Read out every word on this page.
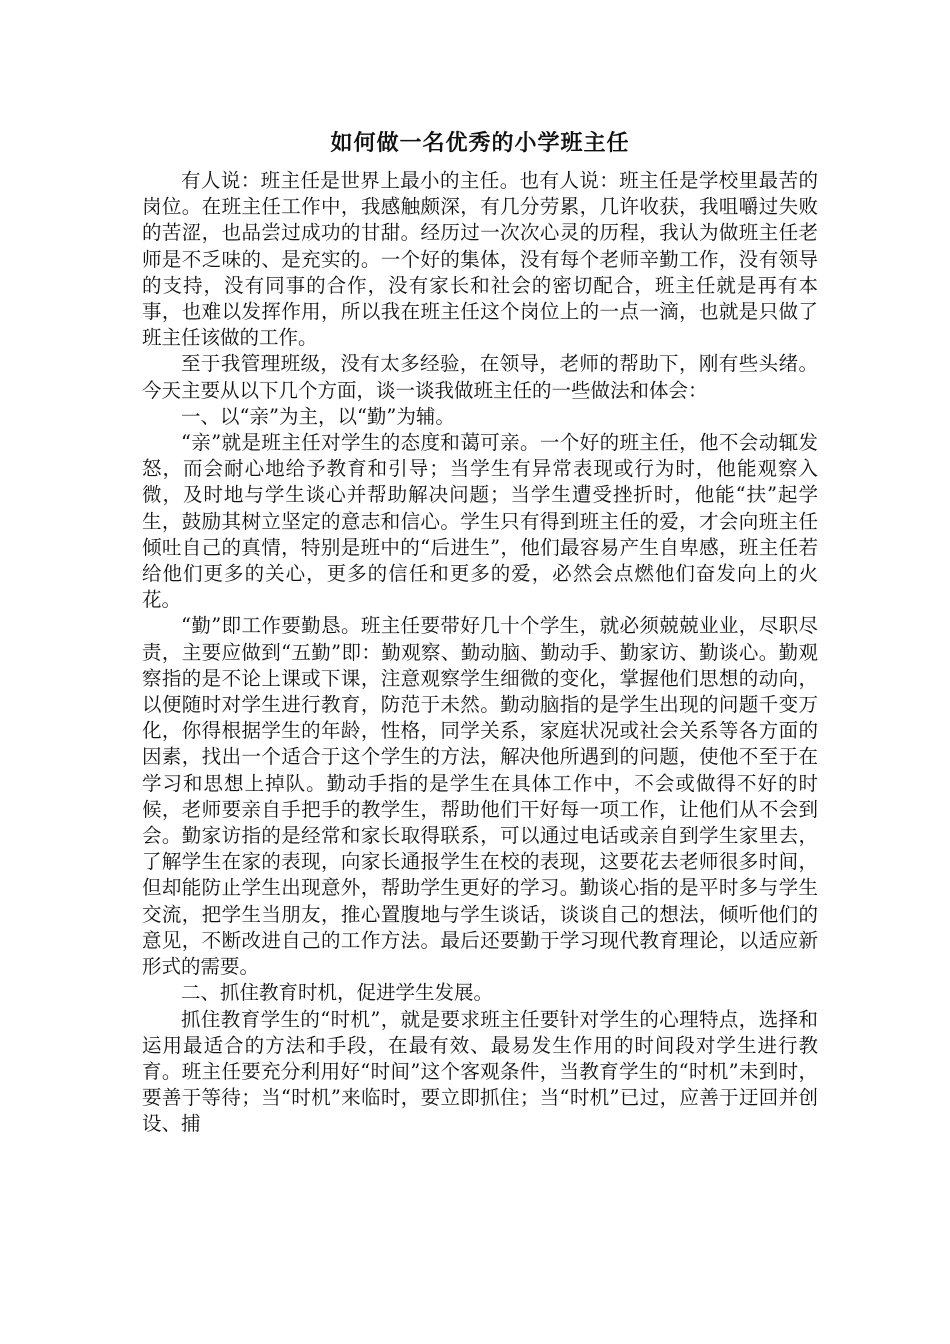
如何做一名优秀的小学班主任

有人说：班主任是世界上最小的主任。也有人说：班主任是学校里最苦的岗位。在班主任工作中，我感触颇深，有几分劳累，几许收获，我咀嚼过失败的苦涩，也品尝过成功的甘甜。经历过一次次心灵的历程，我认为做班主任老师是不乏味的、是充实的。一个好的集体，没有每个老师辛勤工作，没有领导的支持，没有同事的合作，没有家长和社会的密切配合，班主任就是再有本事，也难以发挥作用，所以我在班主任这个岗位上的一点一滴，也就是只做了班主任该做的工作。

至于我管理班级，没有太多经验，在领导，老师的帮助下，刚有些头绪。今天主要从以下几个方面，谈一谈我做班主任的一些做法和体会：

一、以“亲”为主，以“勤”为辅。

“亲”就是班主任对学生的态度和蔼可亲。一个好的班主任，他不会动辄发怒，而会耐心地给予教育和引导；当学生有异常表现或行为时，他能观察入微，及时地与学生谈心并帮助解决问题；当学生遭受挫折时，他能“扶”起学生，鼓励其树立坚定的意志和信心。学生只有得到班主任的爱，才会向班主任倾吐自己的真情，特别是班中的“后进生”，他们最容易产生自卑感，班主任若给他们更多的关心，更多的信任和更多的爱，必然会点燃他们奋发向上的火花。

“勤”即工作要勤恳。班主任要带好几十个学生，就必须兢兢业业，尽职尽责，主要应做到“五勤”即：勤观察、勤动脑、勤动手、勤家访、勤谈心。勤观察指的是不论上课或下课，注意观察学生细微的变化，掌握他们思想的动向，以便随时对学生进行教育，防范于未然。勤动脑指的是学生出现的问题千变万化，你得根据学生的年龄，性格，同学关系，家庭状况或社会关系等各方面的因素，找出一个适合于这个学生的方法，解决他所遇到的问题，使他不至于在学习和思想上掉队。勤动手指的是学生在具体工作中，不会或做得不好的时候，老师要亲自手把手的教学生，帮助他们干好每一项工作，让他们从不会到会。勤家访指的是经常和家长取得联系，可以通过电话或亲自到学生家里去，了解学生在家的表现，向家长通报学生在校的表现，这要花去老师很多时间，但却能防止学生出现意外，帮助学生更好的学习。勤谈心指的是平时多与学生交流，把学生当朋友，推心置腹地与学生谈话，谈谈自己的想法，倾听他们的意见，不断改进自己的工作方法。最后还要勤于学习现代教育理论，以适应新形式的需要。

二、抓住教育时机，促进学生发展。

抓住教育学生的“时机”，就是要求班主任要针对学生的心理特点，选择和运用最适合的方法和手段，在最有效、最易发生作用的时间段对学生进行教育。班主任要充分利用好“时间”这个客观条件，当教育学生的“时机”未到时，要善于等待；当“时机”来临时，要立即抓住；当“时机”已过，应善于迂回并创设、捕
